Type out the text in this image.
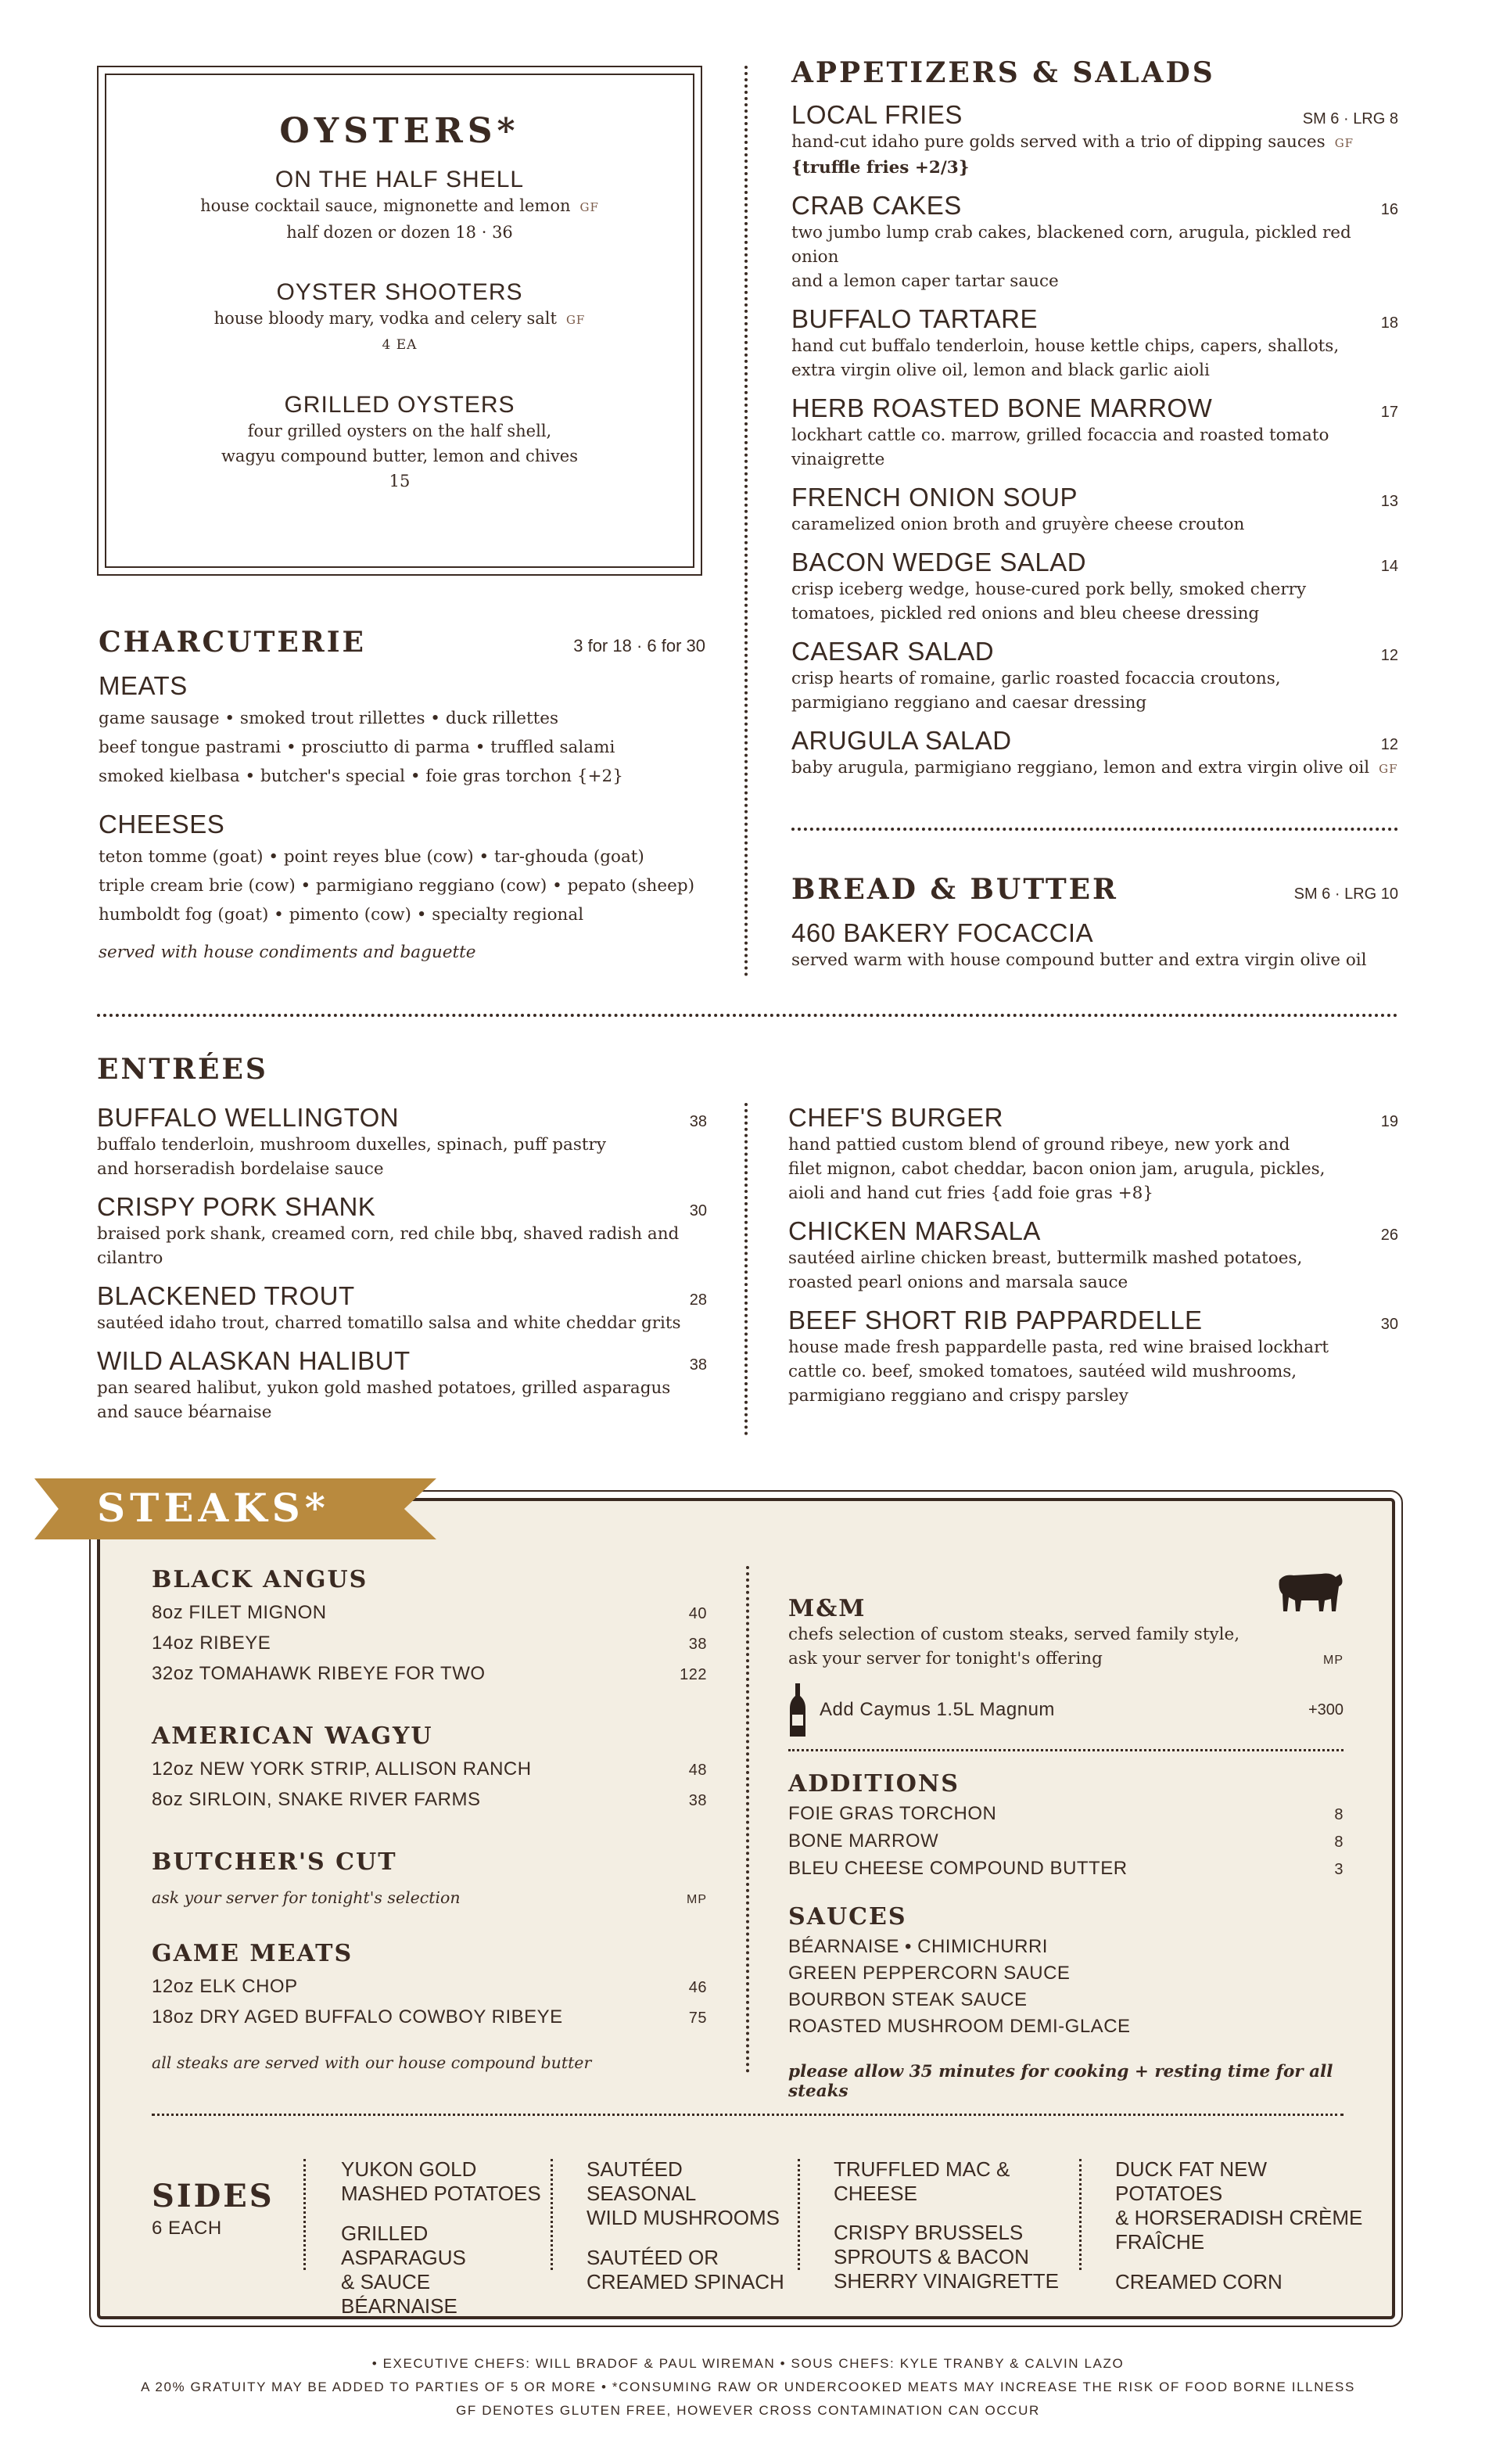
OYSTERS*
ON THE HALF SHELL
house cocktail sauce, mignonette and lemon GF
half dozen or dozen 18 · 36
OYSTER SHOOTERS
house bloody mary, vodka and celery salt GF
4 EA
GRILLED OYSTERS
four grilled oysters on the half shell,
wagyu compound butter, lemon and chives
15
CHARCUTERIE	3 for 18 · 6 for 30
MEATS
game sausage • smoked trout rillettes • duck rillettes
beef tongue pastrami • prosciutto di parma • truffled salami
smoked kielbasa • butcher's special • foie gras torchon {+2}
CHEESES
teton tomme (goat) • point reyes blue (cow) • tar-ghouda (goat)
triple cream brie (cow) • parmigiano reggiano (cow) • pepato (sheep)
humboldt fog (goat) • pimento (cow) • specialty regional
served with house condiments and baguette
APPETIZERS & SALADS
LOCAL FRIES	SM 6 · LRG 8
hand-cut idaho pure golds served with a trio of dipping sauces GF
{truffle fries +2/3}
CRAB CAKES	16
two jumbo lump crab cakes, blackened corn, arugula, pickled red onion
and a lemon caper tartar sauce
BUFFALO TARTARE	18
hand cut buffalo tenderloin, house kettle chips, capers, shallots,
extra virgin olive oil, lemon and black garlic aioli
HERB ROASTED BONE MARROW	17
lockhart cattle co. marrow, grilled focaccia and roasted tomato vinaigrette
FRENCH ONION SOUP	13
caramelized onion broth and gruyère cheese crouton
BACON WEDGE SALAD	14
crisp iceberg wedge, house-cured pork belly, smoked cherry
tomatoes, pickled red onions and bleu cheese dressing
CAESAR SALAD	12
crisp hearts of romaine, garlic roasted focaccia croutons,
parmigiano reggiano and caesar dressing
ARUGULA SALAD	12
baby arugula, parmigiano reggiano, lemon and extra virgin olive oil GF
BREAD & BUTTER	SM 6 · LRG 10
460 BAKERY FOCACCIA
served warm with house compound butter and extra virgin olive oil
ENTRÉES
BUFFALO WELLINGTON	38
buffalo tenderloin, mushroom duxelles, spinach, puff pastry
and horseradish bordelaise sauce
CRISPY PORK SHANK	30
braised pork shank, creamed corn, red chile bbq, shaved radish and cilantro
BLACKENED TROUT	28
sautéed idaho trout, charred tomatillo salsa and white cheddar grits
WILD ALASKAN HALIBUT	38
pan seared halibut, yukon gold mashed potatoes, grilled asparagus
and sauce béarnaise
CHEF'S BURGER	19
hand pattied custom blend of ground ribeye, new york and
filet mignon, cabot cheddar, bacon onion jam, arugula, pickles,
aioli and hand cut fries {add foie gras +8}
CHICKEN MARSALA	26
sautéed airline chicken breast, buttermilk mashed potatoes,
roasted pearl onions and marsala sauce
BEEF SHORT RIB PAPPARDELLE	30
house made fresh pappardelle pasta, red wine braised lockhart
cattle co. beef, smoked tomatoes, sautéed wild mushrooms,
parmigiano reggiano and crispy parsley
STEAKS*
BLACK ANGUS
8oz FILET MIGNON	40
14oz RIBEYE	38
32oz TOMAHAWK RIBEYE FOR TWO	122
AMERICAN WAGYU
12oz NEW YORK STRIP, ALLISON RANCH	48
8oz SIRLOIN, SNAKE RIVER FARMS	38
BUTCHER'S CUT
ask your server for tonight's selection	MP
GAME MEATS
12oz ELK CHOP	46
18oz DRY AGED BUFFALO COWBOY RIBEYE	75
all steaks are served with our house compound butter
M&M
chefs selection of custom steaks, served family style,
ask your server for tonight's offering	MP
Add Caymus 1.5L Magnum	+300
ADDITIONS
FOIE GRAS TORCHON	8
BONE MARROW	8
BLEU CHEESE COMPOUND BUTTER	3
SAUCES
BÉARNAISE • CHIMICHURRI
GREEN PEPPERCORN SAUCE
BOURBON STEAK SAUCE
ROASTED MUSHROOM DEMI-GLACE
please allow 35 minutes for cooking + resting time for all steaks
SIDES
6 EACH
YUKON GOLD
MASHED POTATOES
GRILLED ASPARAGUS
& SAUCE BÉARNAISE
SAUTÉED SEASONAL
WILD MUSHROOMS
SAUTÉED OR
CREAMED SPINACH
TRUFFLED MAC & CHEESE
CRISPY BRUSSELS
SPROUTS & BACON
SHERRY VINAIGRETTE
DUCK FAT NEW POTATOES
& HORSERADISH CRÈME
FRAÎCHE
CREAMED CORN
• EXECUTIVE CHEFS: WILL BRADOF & PAUL WIREMAN • SOUS CHEFS: KYLE TRANBY & CALVIN LAZO
A 20% GRATUITY MAY BE ADDED TO PARTIES OF 5 OR MORE • *CONSUMING RAW OR UNDERCOOKED MEATS MAY INCREASE THE RISK OF FOOD BORNE ILLNESS
GF DENOTES GLUTEN FREE, HOWEVER CROSS CONTAMINATION CAN OCCUR
